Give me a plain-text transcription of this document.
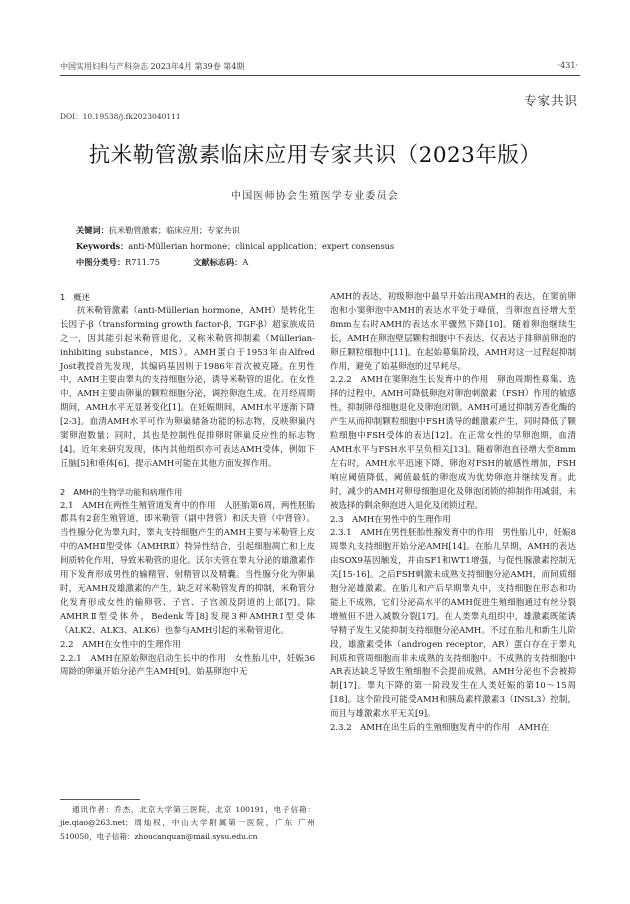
中国实用妇科与产科杂志 2023年4月 第39卷 第4期	·431·
专家共识
DOI：10.19538/j.fk2023040111
抗米勒管激素临床应用专家共识（2023年版）
中国医师协会生殖医学专业委员会
关键词：抗米勒管激素；临床应用；专家共识
Keywords：anti-Müllerian hormone；clinical application；expert consensus
中图分类号：R711.75	文献标志码：A
1　概述

抗米勒管激素（anti-Müllerian hormone，AMH）是转化生长因子-β（transforming growth factor-β，TGF-β）超家族成员之一，因其能引起米勒管退化，又称米勒管抑制素（Müllerian-inhibiting substance，MIS）。AMH蛋白于1953年由Alfred Jost教授首先发现，其编码基因则于1986年首次被克隆。在男性中，AMH主要由睾丸的支持细胞分泌，诱导米勒管的退化。在女性中，AMH主要由卵巢的颗粒细胞分泌，调控卵泡生成。在月经周期期间，AMH水平无显著变化[1]。在妊娠期间，AMH水平逐渐下降[2-3]。血清AMH水平可作为卵巢储备功能的标志物，反映卵巢内窦卵泡数量；同时，其也是控制性促排卵时卵巢反应性的标志物[4]。近年来研究发现，体内其他组织亦可表达AMH受体，例如下丘脑[5]和垂体[6]，提示AMH可能在其他方面发挥作用。

2　AMH的生物学功能和病理作用

2.1　AMH在两性生殖管道发育中的作用　人胚胎第6周，两性胚胎都具有2套生殖管道，即米勒管（副中肾管）和沃夫管（中肾管）。当性腺分化为睾丸时，睾丸支持细胞产生的AMH主要与米勒管上皮中的AMHⅡ型受体（AMHRⅡ）特异性结合，引起细胞凋亡和上皮间质转化作用，导致米勒管的退化。沃尔夫管在睾丸分泌的雄激素作用下发育形成男性的输精管、射精管以及精囊。当性腺分化为卵巢时，无AMH及雄激素的产生，缺乏对米勒管发育的抑制，米勒管分化发育形成女性的输卵管、子宫、子宫颈及阴道的上部[7]。除AMHRⅡ型受体外，Bedenk等[8]发现3种AMHRⅠ型受体（ALK2、ALK3、ALK6）也参与AMH引起的米勒管退化。

2.2　AMH在女性中的生理作用

2.2.1　AMH在原始卵泡启动生长中的作用　女性胎儿中，妊娠36周龄的卵巢开始分泌产生AMH[9]。始基卵泡中无

通讯作者：乔杰，北京大学第三医院，北京 100191，电子信箱：jie.qiao@263.net；周灿权，中山大学附属第一医院，广东 广州 510050，电子信箱：zhoucanquan@mail.sysu.edu.cn

AMH的表达，初级卵泡中最早开始出现AMH的表达，在窦前卵泡和小窦卵泡中AMH的表达水平处于峰值，当卵泡直径增大至8mm左右时AMH的表达水平骤然下降[10]。随着卵泡继续生长，AMH在卵泡壁层颗粒细胞中不表达，仅表达于排卵前卵泡的卵丘颗粒细胞中[11]。在起始募集阶段，AMH对这一过程起抑制作用，避免了始基卵泡的过早耗尽。

2.2.2　AMH在窦卵泡生长发育中的作用　卵泡周期性募集、选择的过程中，AMH可降低卵泡对卵泡刺激素（FSH）作用的敏感性，抑制卵母细胞退化及卵泡闭锁。AMH可通过抑制芳香化酶的产生从而抑制颗粒细胞中FSH诱导的雌激素产生，同时降低了颗粒细胞中FSH受体的表达[12]。在正常女性的早卵泡期，血清AMH水平与FSH水平呈负相关[13]。随着卵泡直径增大至8mm左右时，AMH水平迅速下降，卵泡对FSH的敏感性增加，FSH响应阈值降低，阈值最低的卵泡成为优势卵泡并继续发育。此时，减少的AMH对卵母细胞退化及卵泡闭锁的抑制作用减弱，未被选择的剩余卵泡进入退化及闭锁过程。

2.3　AMH在男性中的生理作用

2.3.1　AMH在男性胚胎性腺发育中的作用　男性胎儿中，妊娠8周睾丸支持细胞开始分泌AMH[14]。在胎儿早期，AMH的表达由SOX9基因触发，并由SF1和WT1增强，与促性腺激素控制无关[15-16]。之后FSH刺激未成熟支持细胞分泌AMH，而间质细胞分泌雄激素。在胎儿和产后早期睾丸中，支持细胞在形态和功能上不成熟，它们分泌高水平的AMH促进生殖细胞通过有丝分裂增殖但不进入减数分裂[17]。在人类睾丸组织中，雄激素既能诱导精子发生又能抑制支持细胞分泌AMH。不过在胎儿和新生儿阶段，雄激素受体（androgen receptor，AR）蛋白存在于睾丸间质和管周细胞而非未成熟的支持细胞中。不成熟的支持细胞中AR表达缺乏导致生殖细胞不会提前成熟，AMH分泌也不会被抑制[17]。睾丸下降的第一阶段发生在人类妊娠的第10～15周[18]。这个阶段可能受AMH和胰岛素样激素3（INSL3）控制，而且与雄激素水平无关[9]。

2.3.2　AMH在出生后的生殖细胞发育中的作用　AMH在
